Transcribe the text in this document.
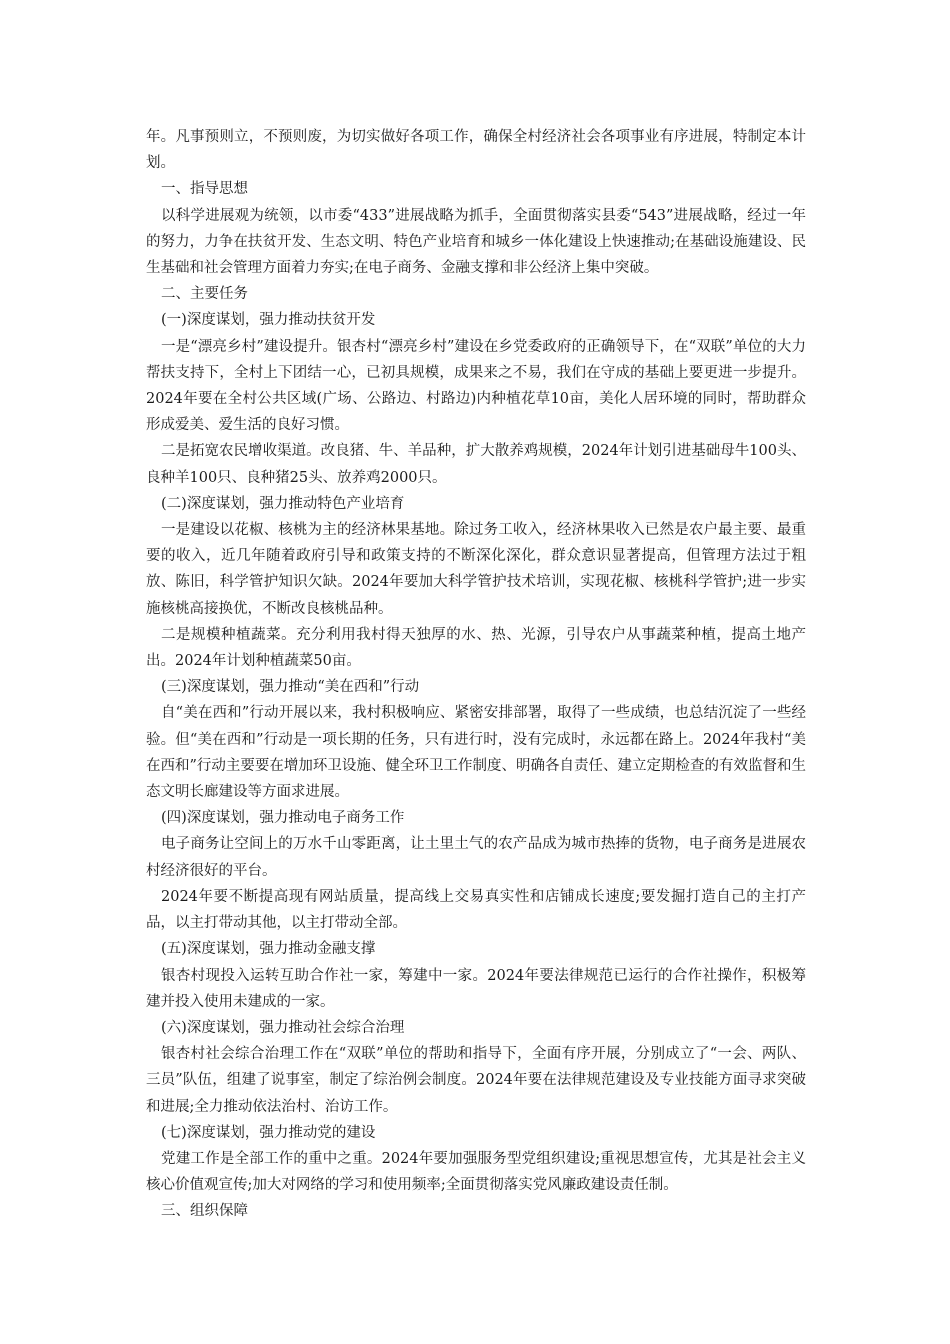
年。凡事预则立，不预则废，为切实做好各项工作，确保全村经济社会各项事业有序进展，特制定本计划。

一、指导思想

以科学进展观为统领，以市委“433”进展战略为抓手，全面贯彻落实县委“543”进展战略，经过一年的努力，力争在扶贫开发、生态文明、特色产业培育和城乡一体化建设上快速推动;在基础设施建设、民生基础和社会管理方面着力夯实;在电子商务、金融支撑和非公经济上集中突破。

二、主要任务

(一)深度谋划，强力推动扶贫开发

一是“漂亮乡村”建设提升。银杏村“漂亮乡村”建设在乡党委政府的正确领导下，在“双联”单位的大力帮扶支持下，全村上下团结一心，已初具规模，成果来之不易，我们在守成的基础上要更进一步提升。2024年要在全村公共区域(广场、公路边、村路边)内种植花草10亩，美化人居环境的同时，帮助群众形成爱美、爱生活的良好习惯。

二是拓宽农民增收渠道。改良猪、牛、羊品种，扩大散养鸡规模，2024年计划引进基础母牛100头、良种羊100只、良种猪25头、放养鸡2000只。

(二)深度谋划，强力推动特色产业培育

一是建设以花椒、核桃为主的经济林果基地。除过务工收入，经济林果收入已然是农户最主要、最重要的收入，近几年随着政府引导和政策支持的不断深化深化，群众意识显著提高，但管理方法过于粗放、陈旧，科学管护知识欠缺。2024年要加大科学管护技术培训，实现花椒、核桃科学管护;进一步实施核桃高接换优，不断改良核桃品种。

二是规模种植蔬菜。充分利用我村得天独厚的水、热、光源，引导农户从事蔬菜种植，提高土地产出。2024年计划种植蔬菜50亩。

(三)深度谋划，强力推动“美在西和”行动

自“美在西和”行动开展以来，我村积极响应、紧密安排部署，取得了一些成绩，也总结沉淀了一些经验。但“美在西和”行动是一项长期的任务，只有进行时，没有完成时，永远都在路上。2024年我村“美在西和”行动主要要在增加环卫设施、健全环卫工作制度、明确各自责任、建立定期检查的有效监督和生态文明长廊建设等方面求进展。

(四)深度谋划，强力推动电子商务工作

电子商务让空间上的万水千山零距离，让土里土气的农产品成为城市热捧的货物，电子商务是进展农村经济很好的平台。

2024年要不断提高现有网站质量，提高线上交易真实性和店铺成长速度;要发掘打造自己的主打产品，以主打带动其他，以主打带动全部。

(五)深度谋划，强力推动金融支撑

银杏村现投入运转互助合作社一家，筹建中一家。2024年要法律规范已运行的合作社操作，积极筹建并投入使用未建成的一家。

(六)深度谋划，强力推动社会综合治理

银杏村社会综合治理工作在“双联”单位的帮助和指导下，全面有序开展，分别成立了“一会、两队、三员”队伍，组建了说事室，制定了综治例会制度。2024年要在法律规范建设及专业技能方面寻求突破和进展;全力推动依法治村、治访工作。

(七)深度谋划，强力推动党的建设

党建工作是全部工作的重中之重。2024年要加强服务型党组织建设;重视思想宣传，尤其是社会主义核心价值观宣传;加大对网络的学习和使用频率;全面贯彻落实党风廉政建设责任制。

三、组织保障
